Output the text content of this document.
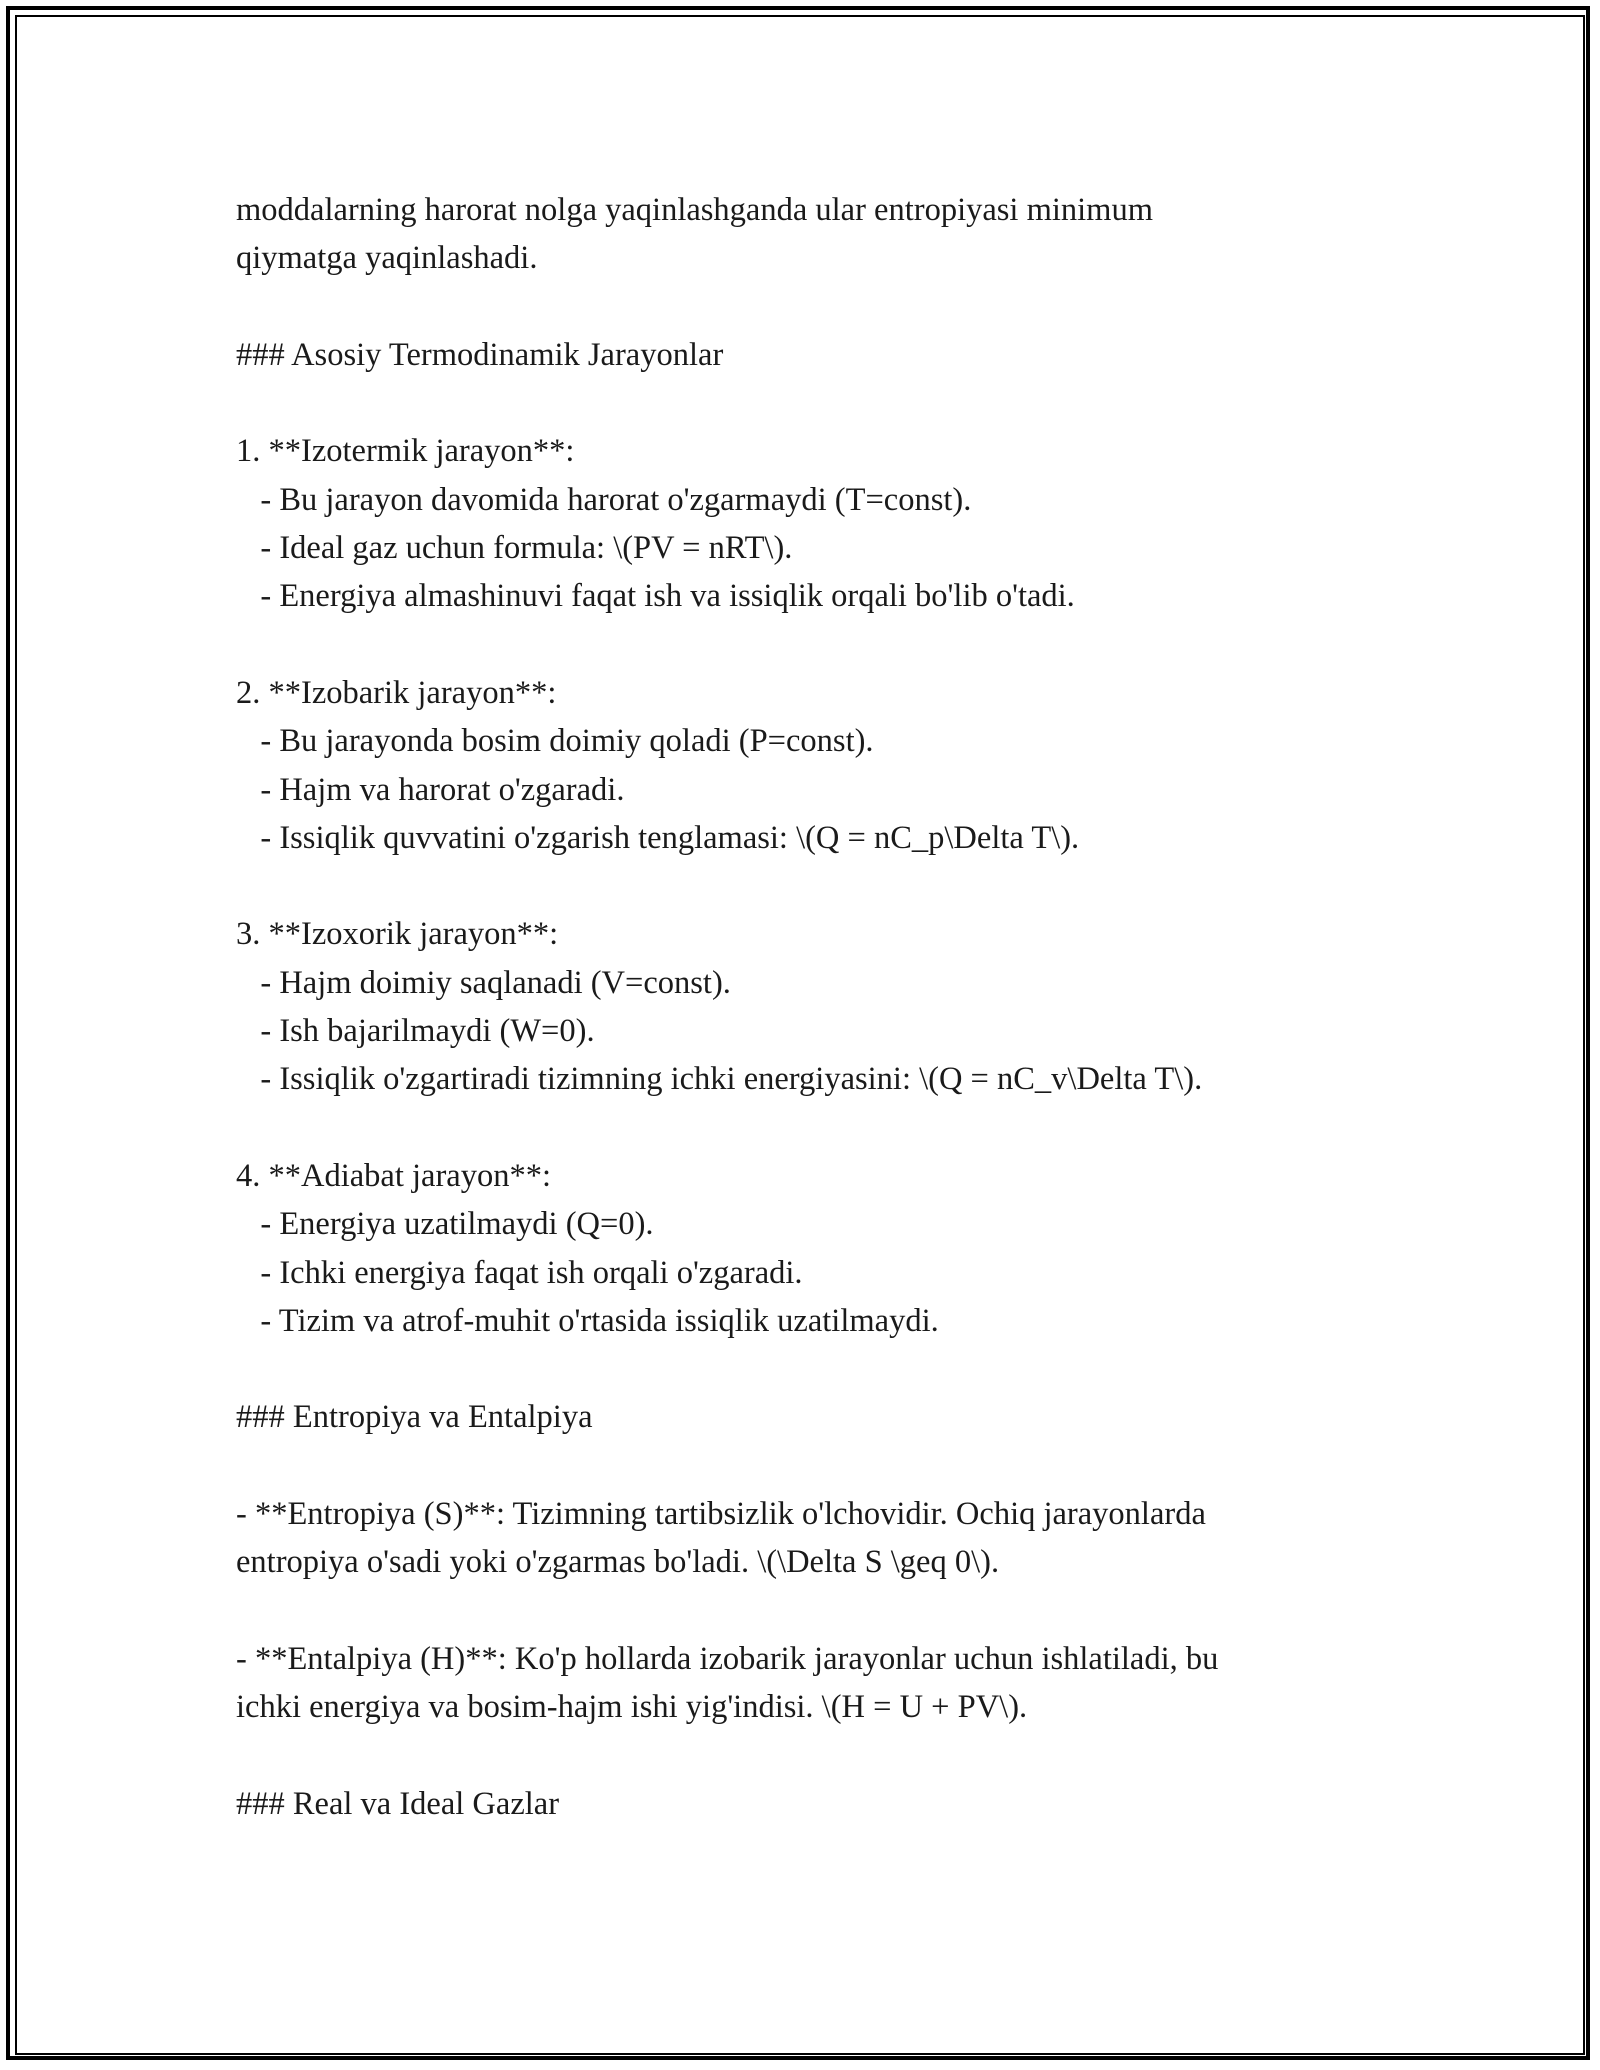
moddalarning harorat nolga yaqinlashganda ular entropiyasi minimum
qiymatga yaqinlashadi.
### Asosiy Termodinamik Jarayonlar
1. **Izotermik jarayon**:
- Bu jarayon davomida harorat o'zgarmaydi (T=const).
- Ideal gaz uchun formula: \(PV = nRT\).
- Energiya almashinuvi faqat ish va issiqlik orqali bo'lib o'tadi.
2. **Izobarik jarayon**:
- Bu jarayonda bosim doimiy qoladi (P=const).
- Hajm va harorat o'zgaradi.
- Issiqlik quvvatini o'zgarish tenglamasi: \(Q = nC_p\Delta T\).
3. **Izoxorik jarayon**:
- Hajm doimiy saqlanadi (V=const).
- Ish bajarilmaydi (W=0).
- Issiqlik o'zgartiradi tizimning ichki energiyasini: \(Q = nC_v\Delta T\).
4. **Adiabat jarayon**:
- Energiya uzatilmaydi (Q=0).
- Ichki energiya faqat ish orqali o'zgaradi.
- Tizim va atrof-muhit o'rtasida issiqlik uzatilmaydi.
### Entropiya va Entalpiya
- **Entropiya (S)**: Tizimning tartibsizlik o'lchovidir. Ochiq jarayonlarda
entropiya o'sadi yoki o'zgarmas bo'ladi. \(\Delta S \geq 0\).
- **Entalpiya (H)**: Ko'p hollarda izobarik jarayonlar uchun ishlatiladi, bu
ichki energiya va bosim-hajm ishi yig'indisi. \(H = U + PV\).
### Real va Ideal Gazlar
